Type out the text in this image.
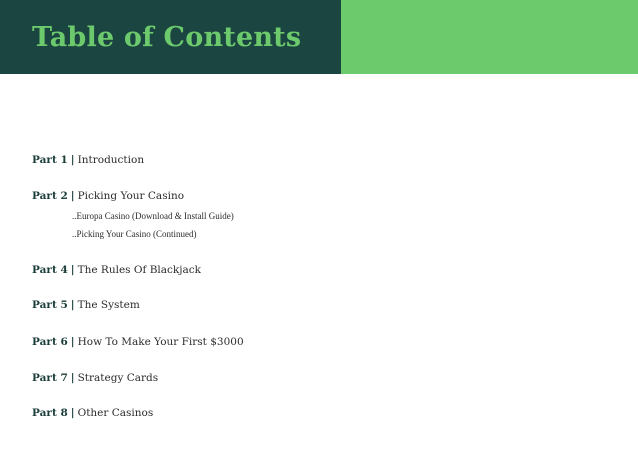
Table of Contents
Part 1 | Introduction
Part 2 | Picking Your Casino
..Europa Casino (Download & Install Guide)
..Picking Your Casino (Continued)
Part 4 | The Rules Of Blackjack
Part 5 | The System
Part 6 | How To Make Your First $3000
Part 7 | Strategy Cards
Part 8 | Other Casinos
